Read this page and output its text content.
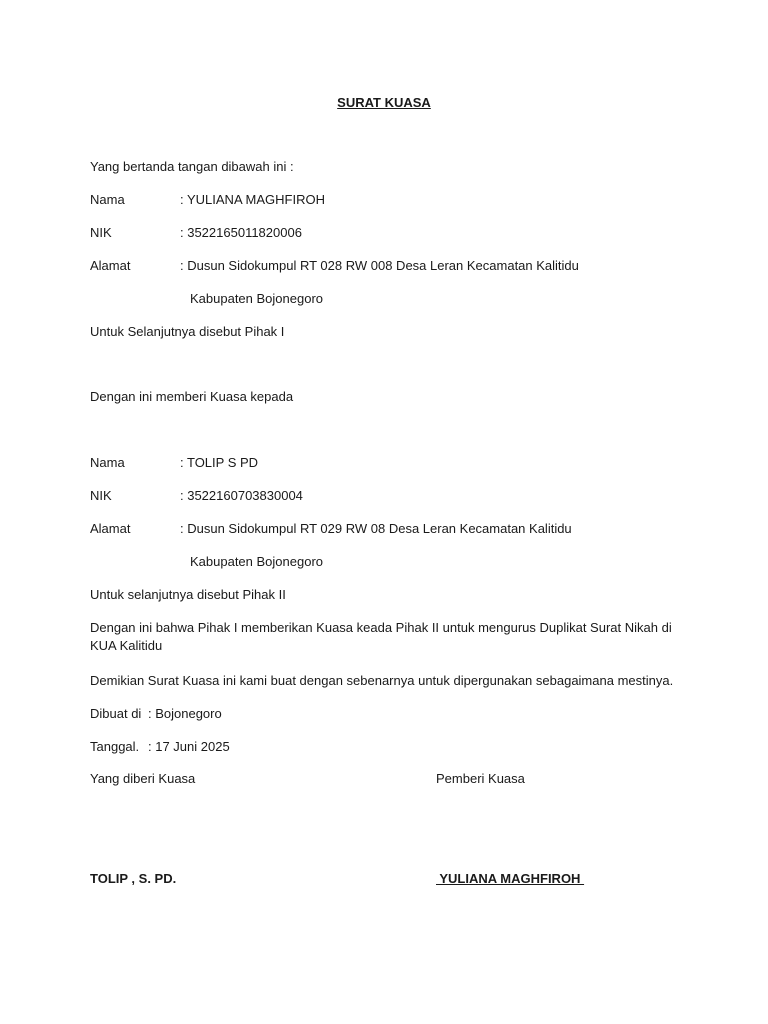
SURAT KUASA
Yang bertanda tangan dibawah ini :
Nama	: YULIANA MAGHFIROH
NIK	: 3522165011820006
Alamat	: Dusun Sidokumpul RT 028 RW 008 Desa Leran Kecamatan Kalitidu
Kabupaten Bojonegoro
Untuk Selanjutnya disebut Pihak I
Dengan ini memberi Kuasa kepada
Nama	: TOLIP S PD
NIK	: 3522160703830004
Alamat	: Dusun Sidokumpul RT 029 RW 08 Desa Leran Kecamatan Kalitidu
Kabupaten Bojonegoro
Untuk selanjutnya disebut Pihak II
Dengan ini bahwa Pihak I memberikan Kuasa keada Pihak II untuk mengurus Duplikat Surat Nikah di KUA Kalitidu
Demikian Surat Kuasa ini kami buat dengan sebenarnya untuk dipergunakan sebagaimana mestinya.
Dibuat di : Bojonegoro
Tanggal. : 17 Juni 2025
Yang diberi Kuasa	Pemberi Kuasa
TOLIP , S. PD.	YULIANA MAGHFIROH
